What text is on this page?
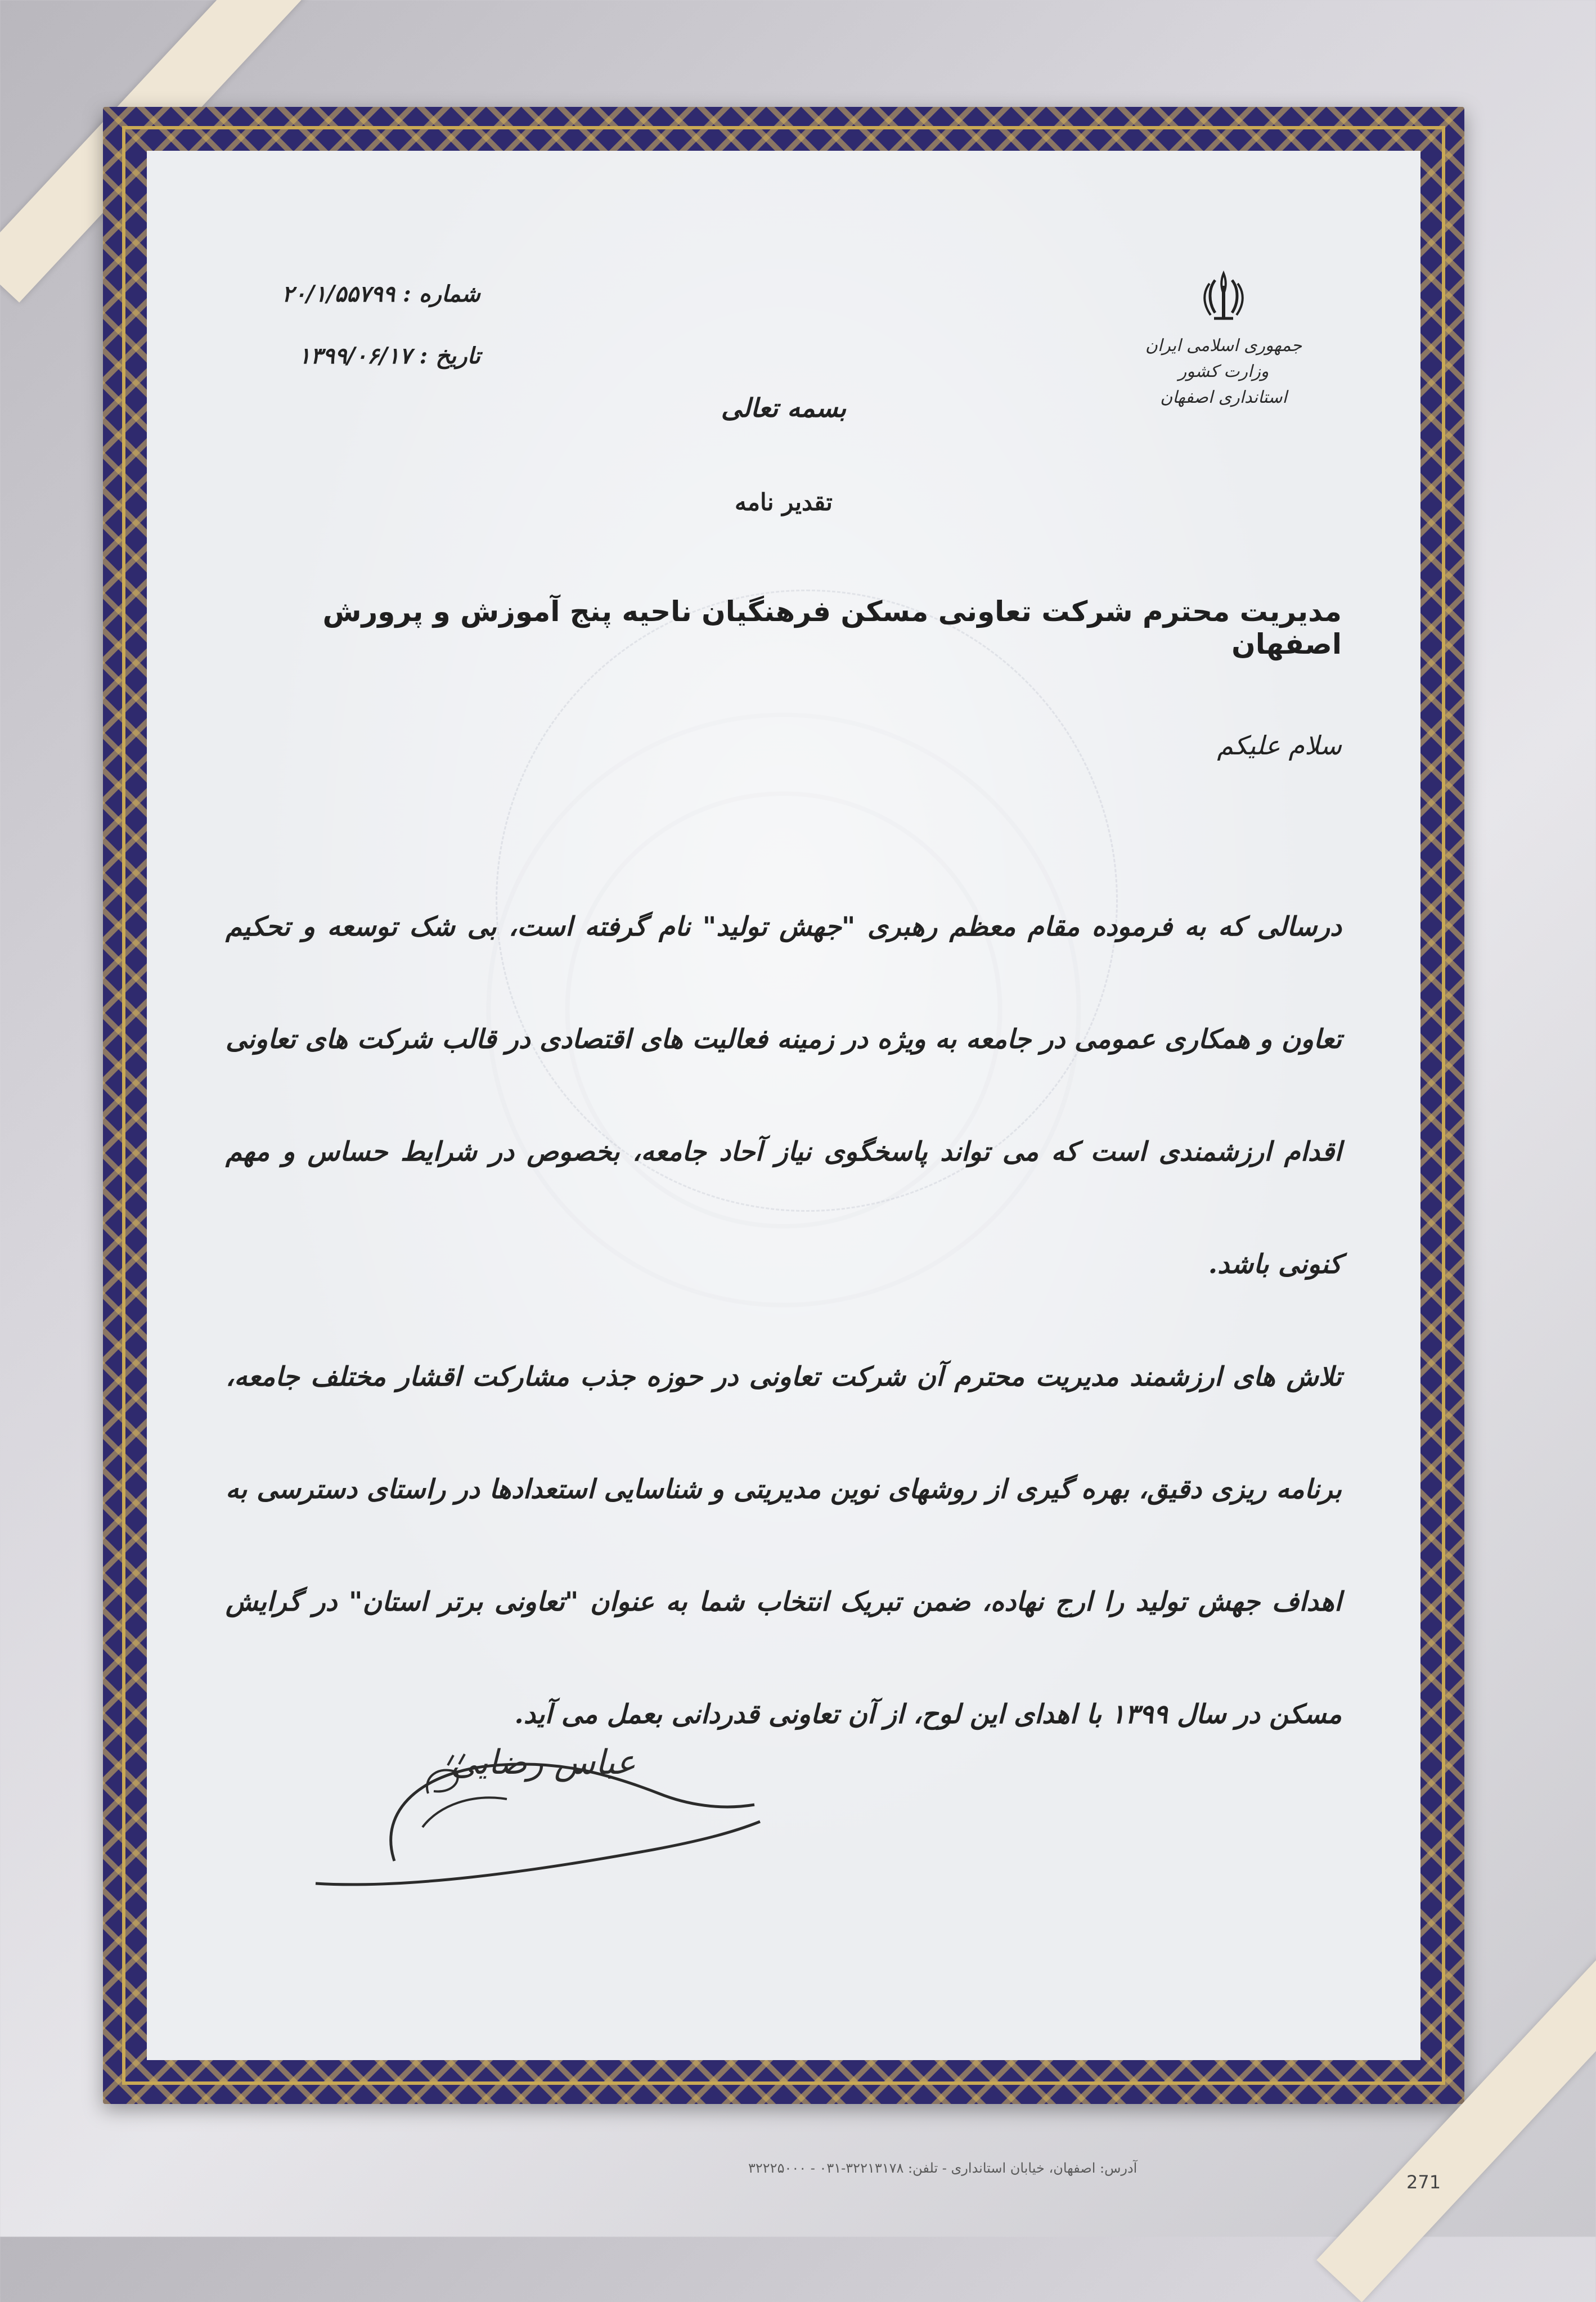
جمهوری اسلامی ایران
وزارت کشور
استانداری اصفهان
شماره : ۲۰/۱/۵۵۷۹۹
تاریخ : ۱۳۹۹/۰۶/۱۷
بسمه تعالی
تقدیر نامه
مدیریت محترم شرکت تعاونی مسکن فرهنگیان ناحیه پنج آموزش و پرورش اصفهان
سلام علیکم

درسالی که به فرموده مقام معظم رهبری "جهش تولید" نام گرفته است، بی شک توسعه و تحکیم تعاون و همکاری عمومی در جامعه به ویژه در زمینه فعالیت های اقتصادی در قالب شرکت های تعاونی اقدام ارزشمندی است که می تواند پاسخگوی نیاز آحاد جامعه، بخصوص در شرایط حساس و مهم کنونی باشد.

تلاش های ارزشمند مدیریت محترم آن شرکت تعاونی در حوزه جذب مشارکت اقشار مختلف جامعه، برنامه ریزی دقیق، بهره گیری از روشهای نوین مدیریتی و شناسایی استعدادها در راستای دسترسی به اهداف جهش تولید را ارج نهاده، ضمن تبریک انتخاب شما به عنوان "تعاونی برتر استان" در گرایش مسکن در سال ۱۳۹۹ با اهدای این لوح، از آن تعاونی قدردانی بعمل می آید.

عباس رضایی
آدرس: اصفهان، خیابان استانداری - تلفن: ۳۲۲۱۳۱۷۸-۰۳۱ - ۳۲۲۲۵۰۰۰
271
